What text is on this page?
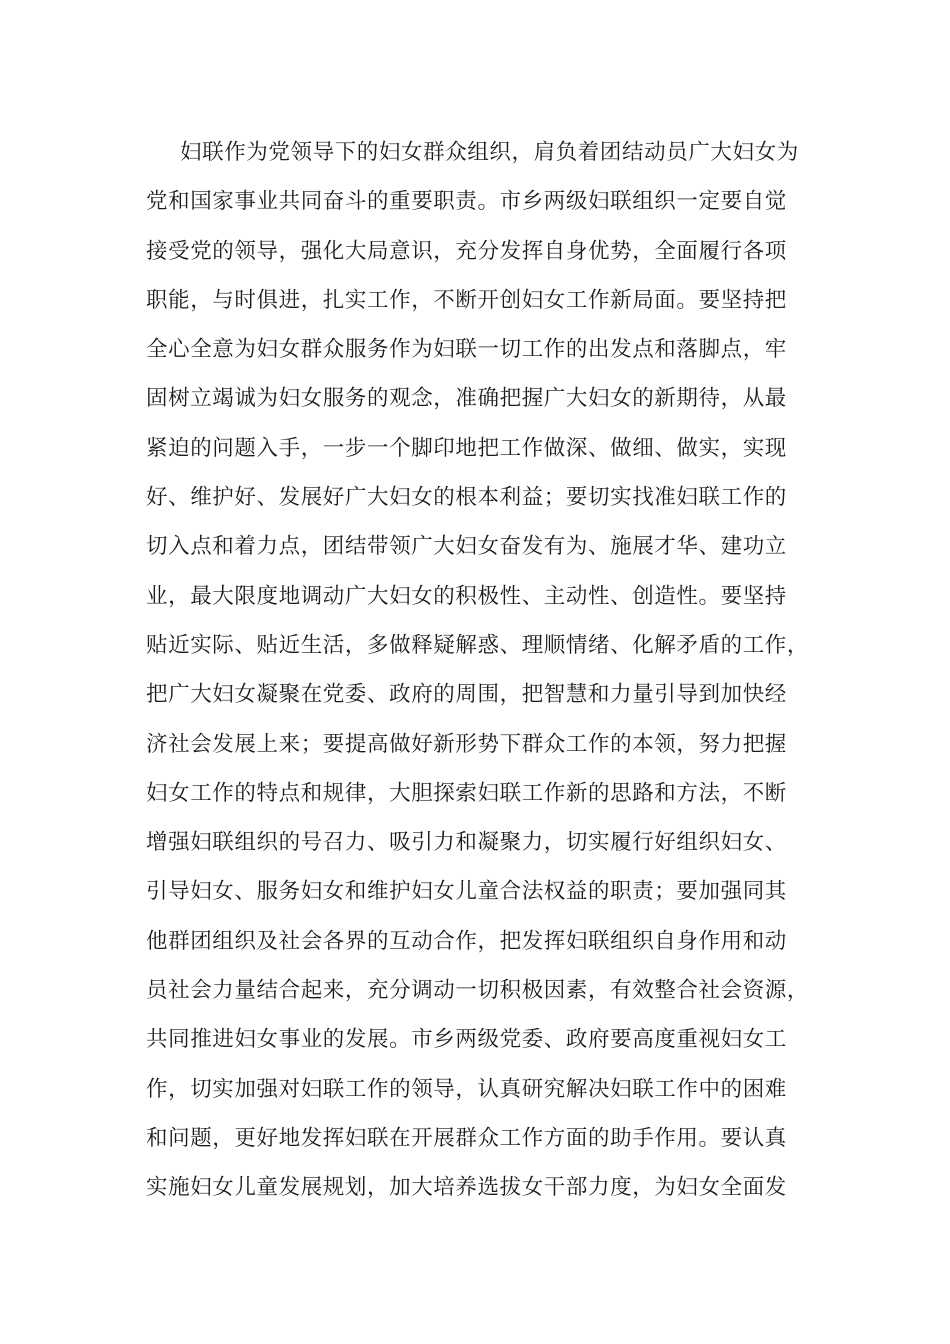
妇联作为党领导下的妇女群众组织，肩负着团结动员广大妇女为
党和国家事业共同奋斗的重要职责。市乡两级妇联组织一定要自觉
接受党的领导，强化大局意识，充分发挥自身优势，全面履行各项
职能，与时俱进，扎实工作，不断开创妇女工作新局面。要坚持把
全心全意为妇女群众服务作为妇联一切工作的出发点和落脚点，牢
固树立竭诚为妇女服务的观念，准确把握广大妇女的新期待，从最
紧迫的问题入手，一步一个脚印地把工作做深、做细、做实，实现
好、维护好、发展好广大妇女的根本利益；要切实找准妇联工作的
切入点和着力点，团结带领广大妇女奋发有为、施展才华、建功立
业，最大限度地调动广大妇女的积极性、主动性、创造性。要坚持
贴近实际、贴近生活，多做释疑解惑、理顺情绪、化解矛盾的工作，
把广大妇女凝聚在党委、政府的周围，把智慧和力量引导到加快经
济社会发展上来；要提高做好新形势下群众工作的本领，努力把握
妇女工作的特点和规律，大胆探索妇联工作新的思路和方法，不断
增强妇联组织的号召力、吸引力和凝聚力，切实履行好组织妇女、
引导妇女、服务妇女和维护妇女儿童合法权益的职责；要加强同其
他群团组织及社会各界的互动合作，把发挥妇联组织自身作用和动
员社会力量结合起来，充分调动一切积极因素，有效整合社会资源，
共同推进妇女事业的发展。市乡两级党委、政府要高度重视妇女工
作，切实加强对妇联工作的领导，认真研究解决妇联工作中的困难
和问题，更好地发挥妇联在开展群众工作方面的助手作用。要认真
实施妇女儿童发展规划，加大培养选拔女干部力度，为妇女全面发
